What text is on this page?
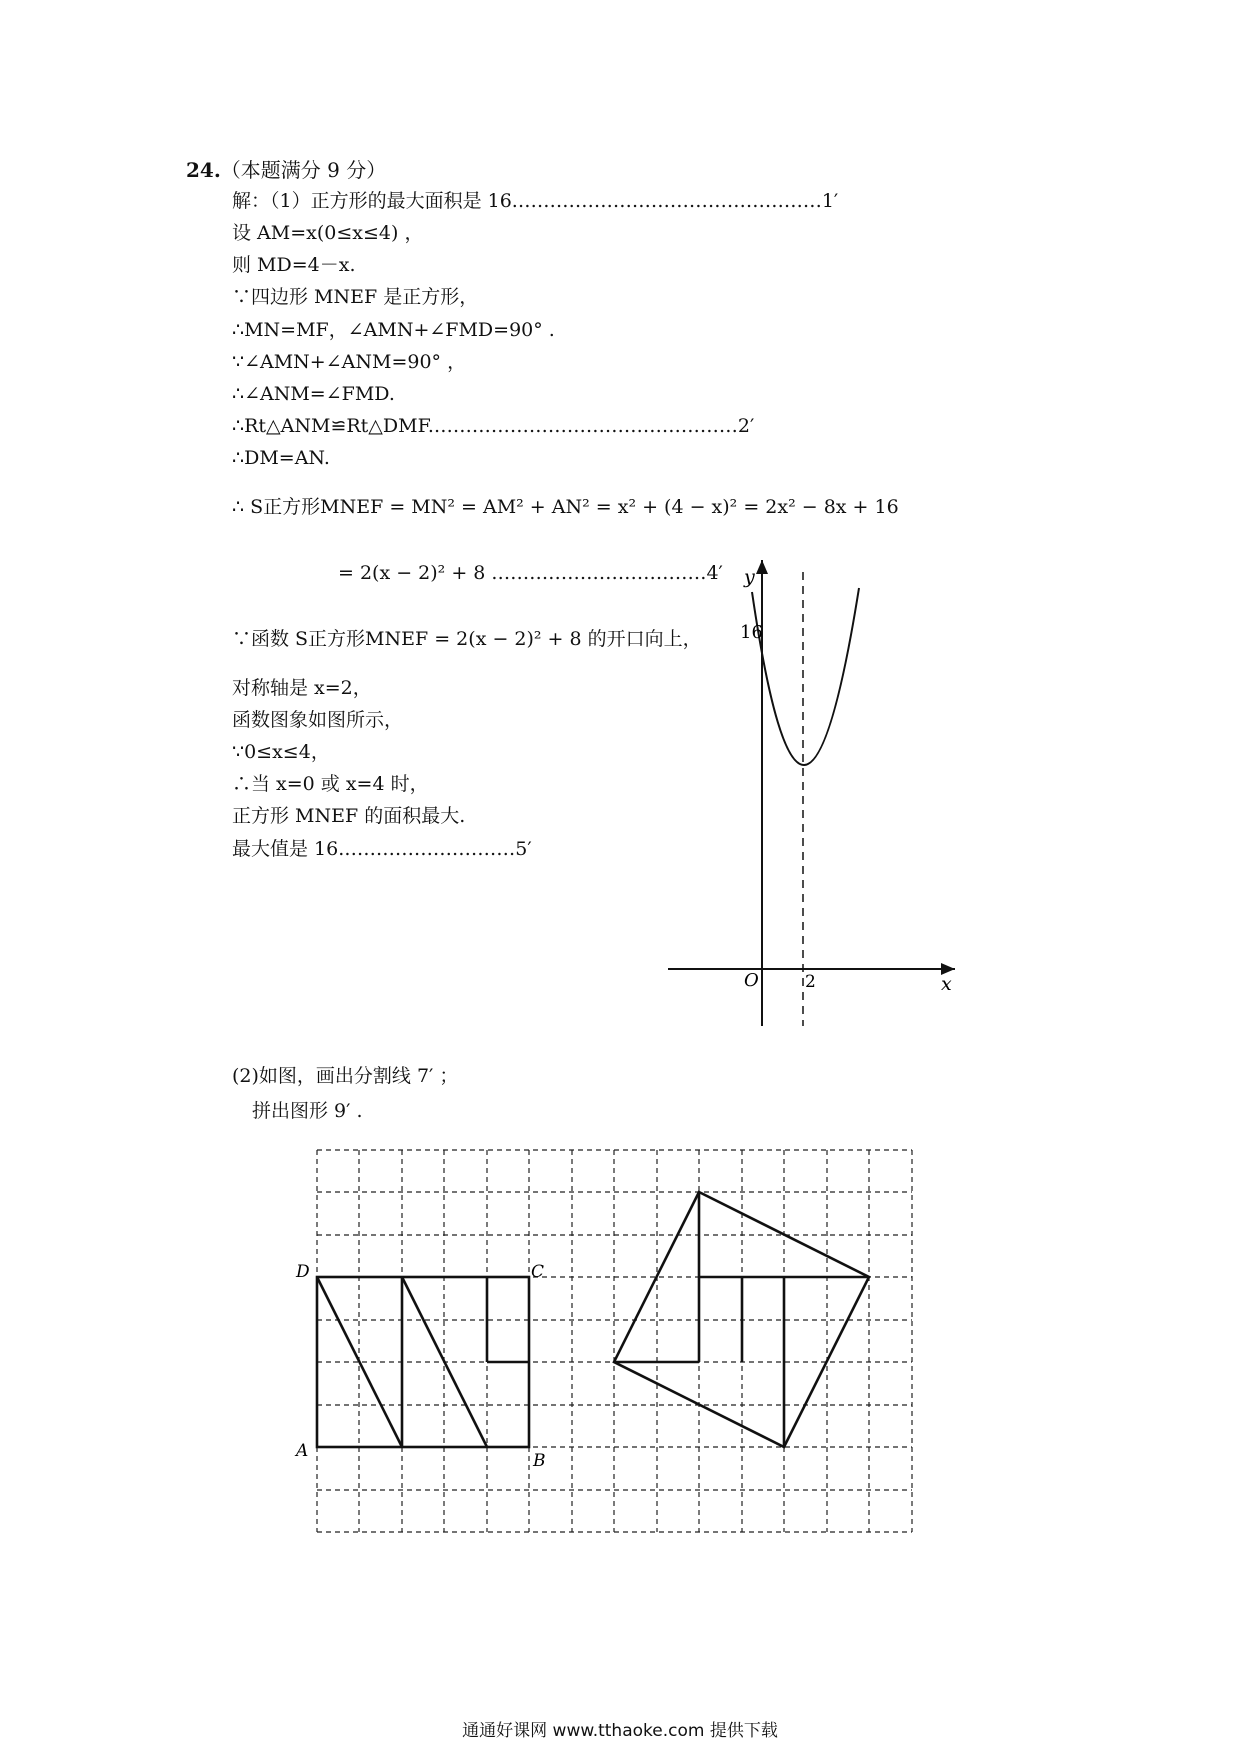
24.（本题满分 9 分）
解：（1）正方形的最大面积是 16.…………………………………………1′
设 AM=x(0≤x≤4) ，
则 MD=4－x.
∵四边形 MNEF 是正方形，
∴MN=MF，∠AMN+∠FMD=90° .
∵∠AMN+∠ANM=90° ，
∴∠ANM=∠FMD.
∴Rt△ANM≌Rt△DMF.…………………………………………2′
∴DM=AN.
∴ S正方形MNEF = MN² = AM² + AN² = x² + (4 − x)² = 2x² − 8x + 16
= 2(x − 2)² + 8 .……………………………4′
∵函数 S正方形MNEF = 2(x − 2)² + 8 的开口向上，
对称轴是 x=2，
函数图象如图所示，
∵0≤x≤4，
∴当 x=0 或 x=4 时，
正方形 MNEF 的面积最大.
最大值是 16.………………………5′
(2)如图，画出分割线 7′ ；
拼出图形 9′ .
y
x
O
16
2
D	C
A	B
通通好课网 www.tthaoke.com 提供下载
